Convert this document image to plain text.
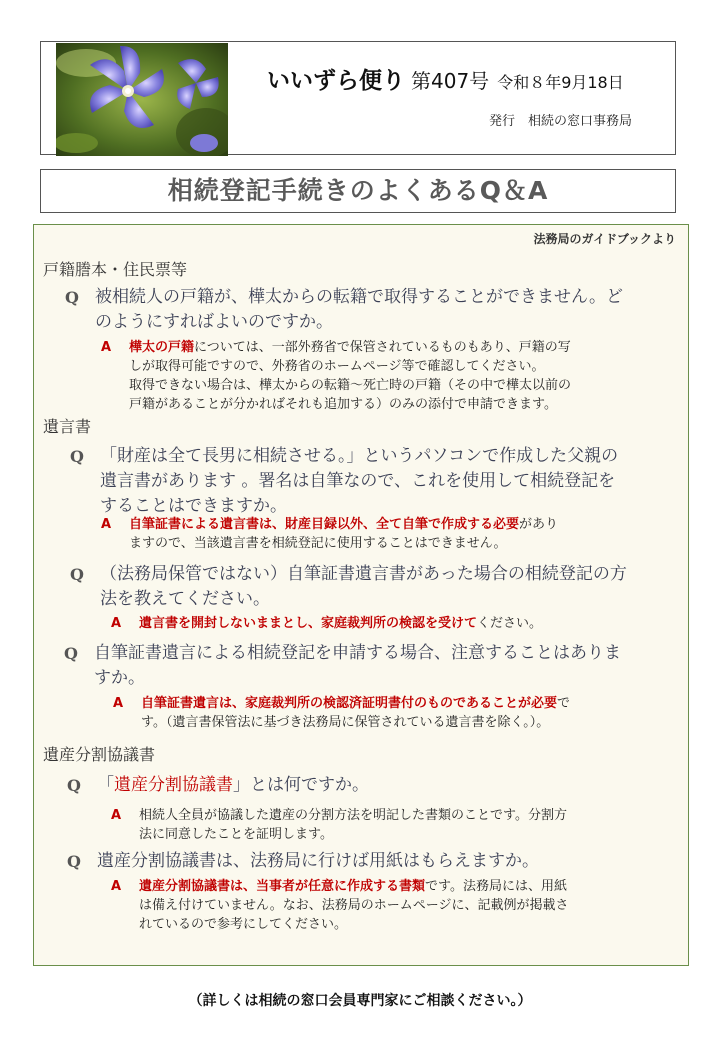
いいずら便り 第407号 令和８年9月18日
発行　相続の窓口事務局
相続登記手続きのよくあるQ＆A
法務局のガイドブックより
戸籍謄本・住民票等
Q 被相続人の戸籍が、樺太からの転籍で取得することができません。ど
のようにすればよいのですか。
A 樺太の戸籍については、一部外務省で保管されているものもあり、戸籍の写
しが取得可能ですので、外務省のホームページ等で確認してください。
取得できない場合は、樺太からの転籍～死亡時の戸籍（その中で樺太以前の
戸籍があることが分かればそれも追加する）のみの添付で申請できます。
遺言書
Q 「財産は全て長男に相続させる。」というパソコンで作成した父親の
遺言書があります 。署名は自筆なので、これを使用して相続登記を
することはできますか。
A 自筆証書による遺言書は、財産目録以外、全て自筆で作成する必要があり
ますので、当該遺言書を相続登記に使用することはできません。
Q （法務局保管ではない）自筆証書遺言書があった場合の相続登記の方
法を教えてください。
A 遺言書を開封しないままとし、家庭裁判所の検認を受けてください。
Q 自筆証書遺言による相続登記を申請する場合、注意することはありま
すか。
A 自筆証書遺言は、家庭裁判所の検認済証明書付のものであることが必要で
す。（遺言書保管法に基づき法務局に保管されている遺言書を除く。）。
遺産分割協議書
Q 「遺産分割協議書」とは何ですか。
A 相続人全員が協議した遺産の分割方法を明記した書類のことです。分割方
法に同意したことを証明します。
Q 遺産分割協議書は、法務局に行けば用紙はもらえますか。
A 遺産分割協議書は、当事者が任意に作成する書類です。法務局には、用紙
は備え付けていません。なお、法務局のホームページに、記載例が掲載さ
れているので参考にしてください。
（詳しくは相続の窓口会員専門家にご相談ください。）
